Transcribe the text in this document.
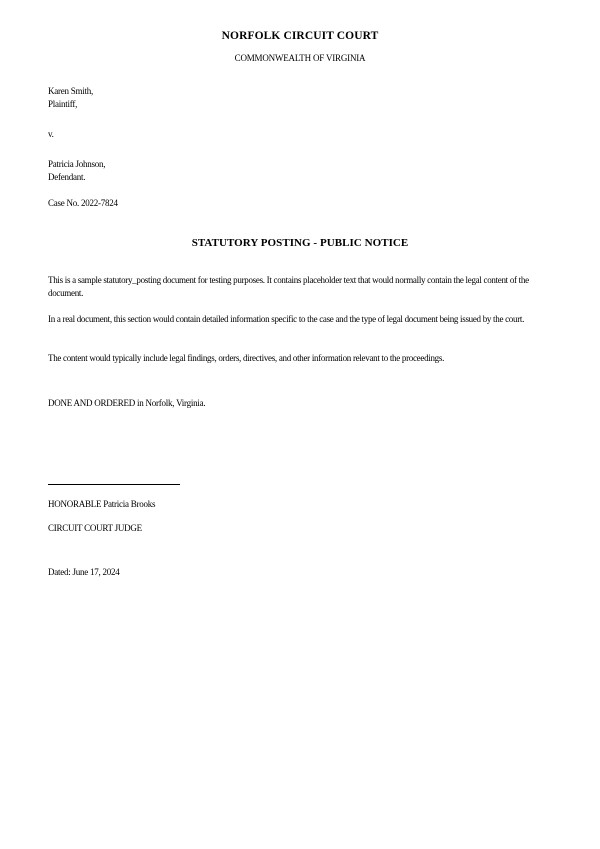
NORFOLK CIRCUIT COURT
COMMONWEALTH OF VIRGINIA
Karen Smith,
Plaintiff,
v.
Patricia Johnson,
Defendant.
Case No. 2022-7824
STATUTORY POSTING - PUBLIC NOTICE
This is a sample statutory_posting document for testing purposes. It contains placeholder text that would normally contain the legal content of the document.
In a real document, this section would contain detailed information specific to the case and the type of legal document being issued by the court.
The content would typically include legal findings, orders, directives, and other information relevant to the proceedings.
DONE AND ORDERED in Norfolk, Virginia.
HONORABLE Patricia Brooks
CIRCUIT COURT JUDGE
Dated: June 17, 2024
